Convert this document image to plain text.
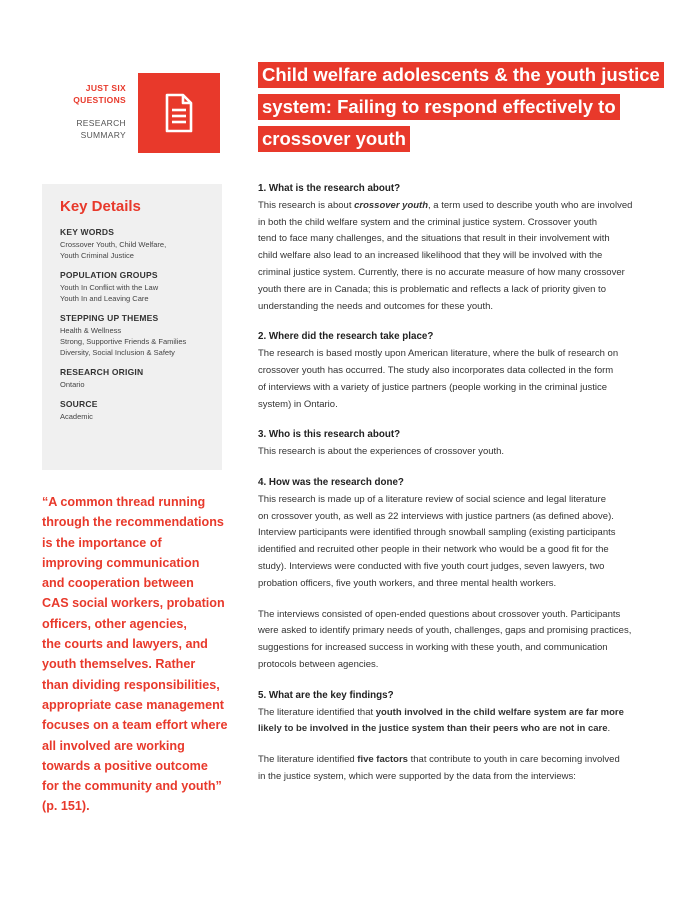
JUST SIX
QUESTIONS
RESEARCH
SUMMARY
Child welfare adolescents & the youth justice
system: Failing to respond effectively to
crossover youth
Key Details
KEY WORDS
Crossover Youth, Child Welfare,
Youth Criminal Justice
POPULATION GROUPS
Youth In Conflict with the Law
Youth In and Leaving Care
STEPPING UP THEMES
Health & Wellness
Strong, Supportive Friends & Families
Diversity, Social Inclusion & Safety
RESEARCH ORIGIN
Ontario
SOURCE
Academic
“A common thread running
through the recommendations
is the importance of
improving communication
and cooperation between
CAS social workers, probation
officers, other agencies,
the courts and lawyers, and
youth themselves. Rather
than dividing responsibilities,
appropriate case management
focuses on a team effort where
all involved are working
towards a positive outcome
for the community and youth”
(p. 151).
1. What is the research about?
This research is about crossover youth, a term used to describe youth who are involved
in both the child welfare system and the criminal justice system. Crossover youth
tend to face many challenges, and the situations that result in their involvement with
child welfare also lead to an increased likelihood that they will be involved with the
criminal justice system. Currently, there is no accurate measure of how many crossover
youth there are in Canada; this is problematic and reflects a lack of priority given to
understanding the needs and outcomes for these youth.
2. Where did the research take place?
The research is based mostly upon American literature, where the bulk of research on
crossover youth has occurred. The study also incorporates data collected in the form
of interviews with a variety of justice partners (people working in the criminal justice
system) in Ontario.
3. Who is this research about?
This research is about the experiences of crossover youth.
4. How was the research done?
This research is made up of a literature review of social science and legal literature
on crossover youth, as well as 22 interviews with justice partners (as defined above).
Interview participants were identified through snowball sampling (existing participants
identified and recruited other people in their network who would be a good fit for the
study). Interviews were conducted with five youth court judges, seven lawyers, two
probation officers, five youth workers, and three mental health workers.
The interviews consisted of open-ended questions about crossover youth. Participants
were asked to identify primary needs of youth, challenges, gaps and promising practices,
suggestions for increased success in working with these youth, and communication
protocols between agencies.
5. What are the key findings?
The literature identified that youth involved in the child welfare system are far more
likely to be involved in the justice system than their peers who are not in care.
The literature identified five factors that contribute to youth in care becoming involved
in the justice system, which were supported by the data from the interviews:
